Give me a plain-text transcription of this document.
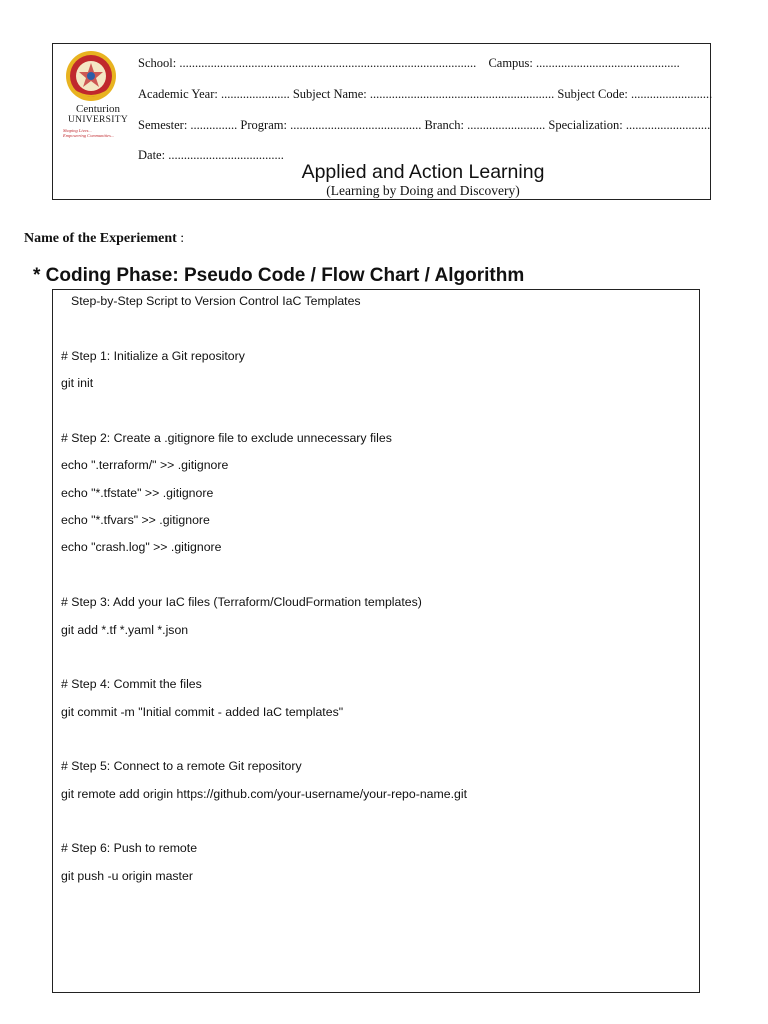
Centurion
UNIVERSITY
Shaping Lives...
Empowering Communities...
School: ............................................................................................... Campus: ..............................................
Academic Year: ...................... Subject Name: ........................................................... Subject Code: ..........................
Semester: ............... Program: .......................................... Branch: ......................... Specialization: ...........................
Date: .....................................
Applied and Action Learning
(Learning by Doing and Discovery)
Name of the Experiement :
* Coding Phase: Pseudo Code / Flow Chart / Algorithm
Step-by-Step Script to Version Control IaC Templates
# Step 1: Initialize a Git repository
git init
# Step 2: Create a .gitignore file to exclude unnecessary files
echo ".terraform/" >> .gitignore
echo "*.tfstate" >> .gitignore
echo "*.tfvars" >> .gitignore
echo "crash.log" >> .gitignore
# Step 3: Add your IaC files (Terraform/CloudFormation templates)
git add *.tf *.yaml *.json
# Step 4: Commit the files
git commit -m "Initial commit - added IaC templates"
# Step 5: Connect to a remote Git repository
git remote add origin https://github.com/your-username/your-repo-name.git
# Step 6: Push to remote
git push -u origin master
